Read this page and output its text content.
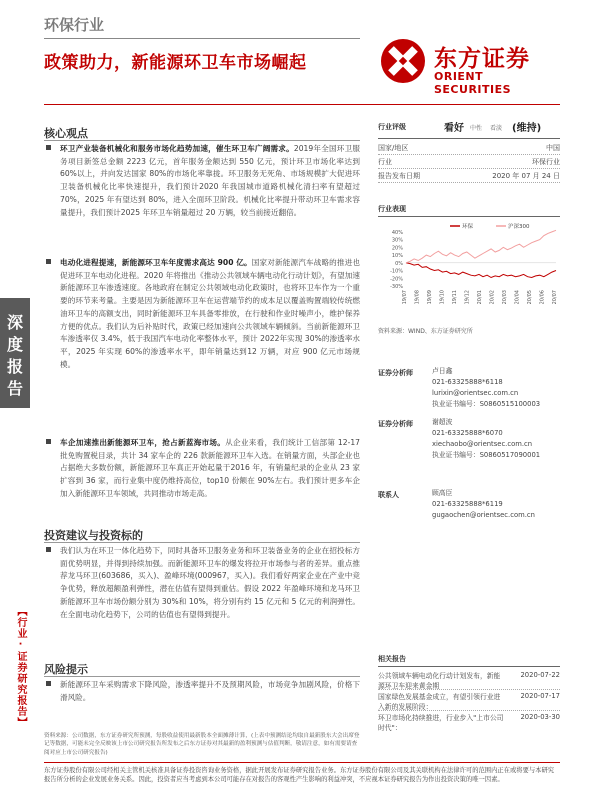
环保行业
政策助力，新能源环卫车市场崛起	东方证券
ORIENT SECURITIES
深度报告
【行业·证券研究报告】
核心观点
环卫产业装备机械化和服务市场化趋势加速，催生环卫车广阔需求。2019年全国环卫服务项目新签总金额 2223 亿元，首年服务金额达到 550 亿元，预计环卫市场化率达到 60%以上，并向发达国家 80%的市场化率靠拢。环卫服务无死角、市场规模扩大促进环卫装备机械化比率快速提升，我们预计2020 年我国城市道路机械化清扫率有望超过 70%，2025 年有望达到 80%，进入全面环卫阶段。机械化比率提升带动环卫车需求容量提升，我们预计2025 年环卫车销量超过 20 万辆，较当前接近翻倍。
电动化进程提速，新能源环卫车年度需求高达 900 亿。国家对新能源汽车战略的推进也促进环卫车电动化进程。2020 年将推出《推动公共领域车辆电动化行动计划》，有望加速新能源环卫车渗透速度。各地政府在制定公共领域电动化政策时，也将环卫车作为一个重要的环节来考量。主要是因为新能源环卫车在运营端节约的成本足以覆盖购置端较传统燃油环卫车的高额支出，同时新能源环卫车具备零排放，在行驶和作业时噪声小，维护保养方便的优点。我们认为后补贴时代，政策已经加速向公共领域车辆倾斜。当前新能源环卫车渗透率仅 3.4%，低于我国汽车电动化率整体水平，预计 2022年实现 30%的渗透率水平，2025 年实现 60%的渗透率水平，即年销量达到12 万辆，对应 900 亿元市场规模。
车企加速推出新能源环卫车，抢占新蓝海市场。从企业来看，我们统计工信部第 12-17 批免购置税目录，共计 34 家车企的 226 款新能源环卫车入选。在销量方面，头部企业也占据绝大多数份额，新能源环卫车真正开始起量于2016 年，有销量纪录的企业从 23 家扩容到 36 家，而行业集中度仍维持高位，top10 份额在 90%左右。我们预计更多车企加入新能源环卫车领域，共同推动市场走高。
投资建议与投资标的
我们认为在环卫一体化趋势下，同时具备环卫服务业务和环卫装备业务的企业在招投标方面优势明显，并得到持续加强。而新能源环卫车的爆发将拉开市场参与者的差异。重点推荐龙马环卫(603686，买入)、盈峰环境(000967，买入)。我们看好两家企业在产业中竞争优势，释放超额盈利弹性，潜在估值有望得到重估。假设 2022 年盈峰环境和龙马环卫新能源环卫车市场份额分别为 30%和 10%，将分别有约 15 亿元和 5 亿元的利润弹性。在全面电动化趋势下，公司的估值也有望得到提升。
风险提示
新能源环卫车采购需求下降风险，渗透率提升不及预期风险，市场竞争加剧风险，价格下滑风险。
行业评级	看好 中性 看淡 (维持)
国家/地区	中国
行业	环保行业
报告发布日期	2020 年 07 月 24 日
行业表现
40%
30%
20%
10%
0%
-10%
-20%
-30%
环保	沪深300
19/07 19/08 19/09 19/10 19/11 19/12 20/01 20/02 20/03 20/04 20/05 20/06 20/07
资料来源：WIND、东方证券研究所
证券分析师	卢日鑫
021-63325888*6118
lurixin@orientsec.com.cn
执业证书编号：S0860515100003
证券分析师	谢超波
021-63325888*6070
xiechaobo@orientsec.com.cn
执业证书编号：S0860517090001
联系人	顾高臣
021-63325888*6119
gugaochen@orientsec.com.cn
相关报告
公共领域车辆电动化行动计划发布，新能源环卫车迎来黄金期
2020-07-22
国家绿色发展基金成立，有望引领行业进入新的发展阶段：
2020-07-17
环卫市场化持续推进，行业步入"上市公司时代"：
2020-03-30
资料来源：公司数据，东方证券研究所预测，每股收益使用最新股本全面摊薄计算，(上表中预测结论均取自最新股东大会出席登记等数据，可能未完全反映该上市公司研究报告所发布之后东方证券对其最新的盈利预测与估值判断，敬请注意，如有需要请查阅对应上市公司研究报告)
东方证券股份有限公司经相关主管机关核准具备证券投资咨询业务资格，据此开展发布证券研究报告业务。东方证券股份有限公司及其关联机构在法律许可的范围内正在或将要与本研究报告所分析的企业发展业务关系。因此，投资者应当考虑到本公司可能存在对报告的客观性产生影响的利益冲突，不应视本证券研究报告为作出投资决策的唯一因素。
